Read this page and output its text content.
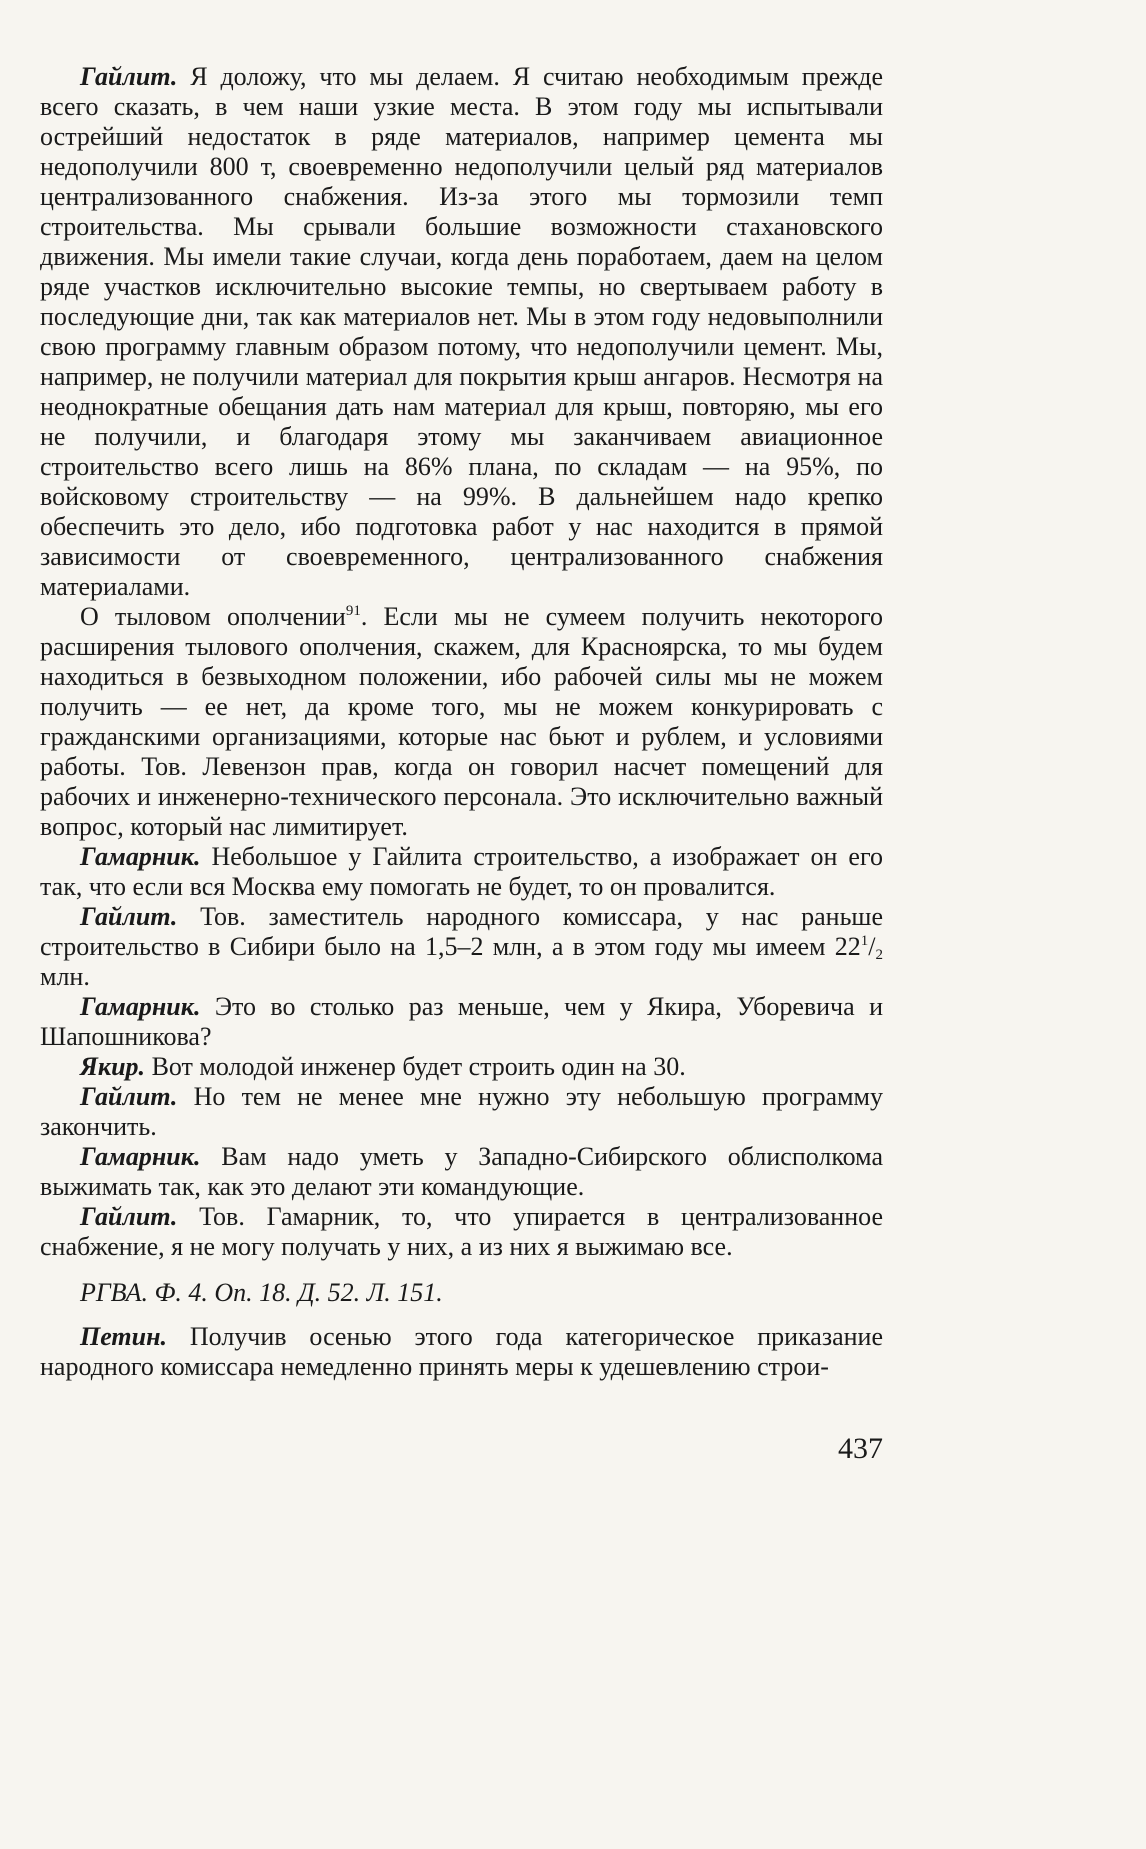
Гайлит. Я доложу, что мы делаем. Я считаю необходимым прежде всего сказать, в чем наши узкие места. В этом году мы испытывали острейший недостаток в ряде материалов, например цемента мы недополучили 800 т, своевременно недополучили целый ряд материалов централизованного снабжения. Из-за этого мы тормозили темп строительства. Мы срывали большие возможности стахановского движения. Мы имели такие случаи, когда день поработаем, даем на целом ряде участков исключительно высокие темпы, но свертываем работу в последующие дни, так как материалов нет. Мы в этом году недовыполнили свою программу главным образом потому, что недополучили цемент. Мы, например, не получили материал для покрытия крыш ангаров. Несмотря на неоднократные обещания дать нам материал для крыш, повторяю, мы его не получили, и благодаря этому мы заканчиваем авиационное строительство всего лишь на 86% плана, по складам — на 95%, по войсковому строительству — на 99%. В дальнейшем надо крепко обеспечить это дело, ибо подготовка работ у нас находится в прямой зависимости от своевременного, централизованного снабжения материалами.

О тыловом ополчении$^{91}$. Если мы не сумеем получить некоторого расширения тылового ополчения, скажем, для Красноярска, то мы будем находиться в безвыходном положении, ибо рабочей силы мы не можем получить — ее нет, да кроме того, мы не можем конкурировать с гражданскими организациями, которые нас бьют и рублем, и условиями работы. Тов. Левензон прав, когда он говорил насчет помещений для рабочих и инженерно-технического персонала. Это исключительно важный вопрос, который нас лимитирует.

Гамарник. Небольшое у Гайлита строительство, а изображает он его так, что если вся Москва ему помогать не будет, то он провалится.

Гайлит. Тов. заместитель народного комиссара, у нас раньше строительство в Сибири было на 1,5–2 млн, а в этом году мы имеем $22^1/_2$ млн.

Гамарник. Это во столько раз меньше, чем у Якира, Уборевича и Шапошникова?

Якир. Вот молодой инженер будет строить один на 30.

Гайлит. Но тем не менее мне нужно эту небольшую программу закончить.

Гамарник. Вам надо уметь у Западно-Сибирского облисполкома выжимать так, как это делают эти командующие.

Гайлит. Тов. Гамарник, то, что упирается в централизованное снабжение, я не могу получать у них, а из них я выжимаю все.

РГВА. Ф. 4. Оп. 18. Д. 52. Л. 151.

Петин. Получив осенью этого года категорическое приказание народного комиссара немедленно принять меры к удешевлению строи-

437
